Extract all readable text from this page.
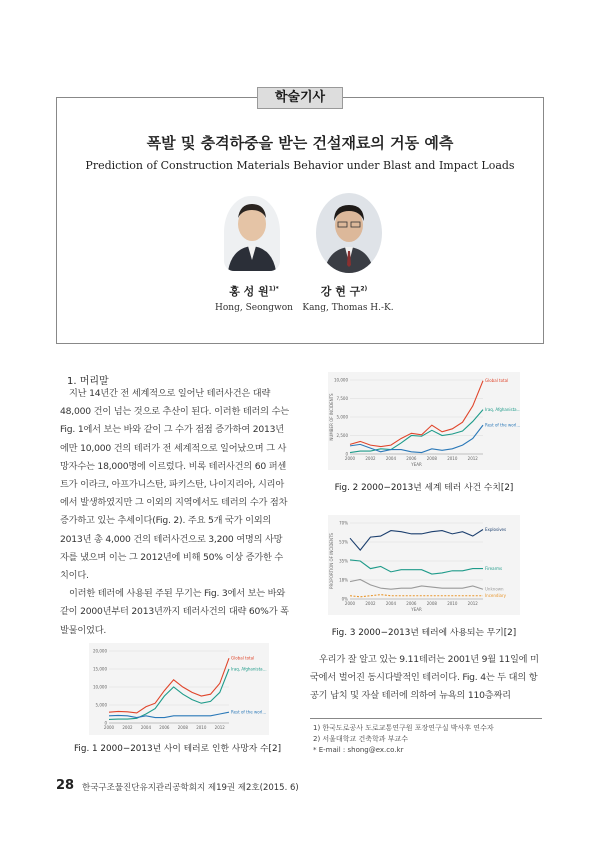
학술기사
폭발 및 충격하중을 받는 건설재료의 거동 예측
Prediction of Construction Materials Behavior under Blast and Impact Loads
홍 성 원$^{1)*}$	강 현 구$^{2)}$
Hong, Seongwon	Kang, Thomas H.-K.
1. 머리말

지난 14년간 전 세계적으로 일어난 테러사건은 대략 48,000 건이 넘는 것으로 추산이 된다. 이러한 테러의 수는 Fig. 1에서 보는 바와 같이 그 수가 점점 증가하여 2013년에만 10,000 건의 테러가 전 세계적으로 일어났으며 그 사망자수는 18,000명에 이르렀다. 비록 테러사건의 60 퍼센트가 이라크, 아프가니스탄, 파키스탄, 나이지리아, 시리아에서 발생하였지만 그 이외의 지역에서도 테러의 수가 점차 증가하고 있는 추세이다(Fig. 2). 주요 5개 국가 이외의 2013년 총 4,000 건의 테러사건으로 3,200 여명의 사망자를 냈으며 이는 그 2012년에 비해 50% 이상 증가한 수치이다.

이러한 테러에 사용된 주된 무기는 Fig. 3에서 보는 바와 같이 2000년부터 2013년까지 테러사건의 대략 60%가 폭발물이었다.

2000 2002 2004 2006 2008 2010 2012
0
5,000
10,000
15,000
20,000
Global total
Iraq, Afghanista…
Rest of the worl…
Fig. 1 2000−2013년 사이 테러로 인한 사망자 수[2]
2000	2002	2004	2006	2008	2010	2012
0
2,500
5,000
7,500
10,000
YEAR
NUMBER OF INCIDENTS
Global total
Iraq, Afghanista…
Rest of the worl…
Fig. 2 2000−2013년 세계 테러 사건 수치[2]
2000	2002	2004	2006	2008	2010	2012
0%
18%
35%
53%
70%
YEAR
PROPORTION OF INCIDENTS
Explosives
Firearms
Unknown
Incendiary
Fig. 3 2000−2013년 테러에 사용되는 무기[2]

우리가 잘 알고 있는 9.11테러는 2001년 9월 11일에 미국에서 벌어진 동시다발적인 테러이다. Fig. 4는 두 대의 항공기 납치 및 자살 테러에 의하여 뉴욕의 110층짜리

1) 한국도로공사 도로교통연구원 포장연구실 박사후 연수자
2) 서울대학교 건축학과 부교수
* E-mail : shong@ex.co.kr
28 한국구조물진단유지관리공학회지 제19권 제2호(2015. 6)
